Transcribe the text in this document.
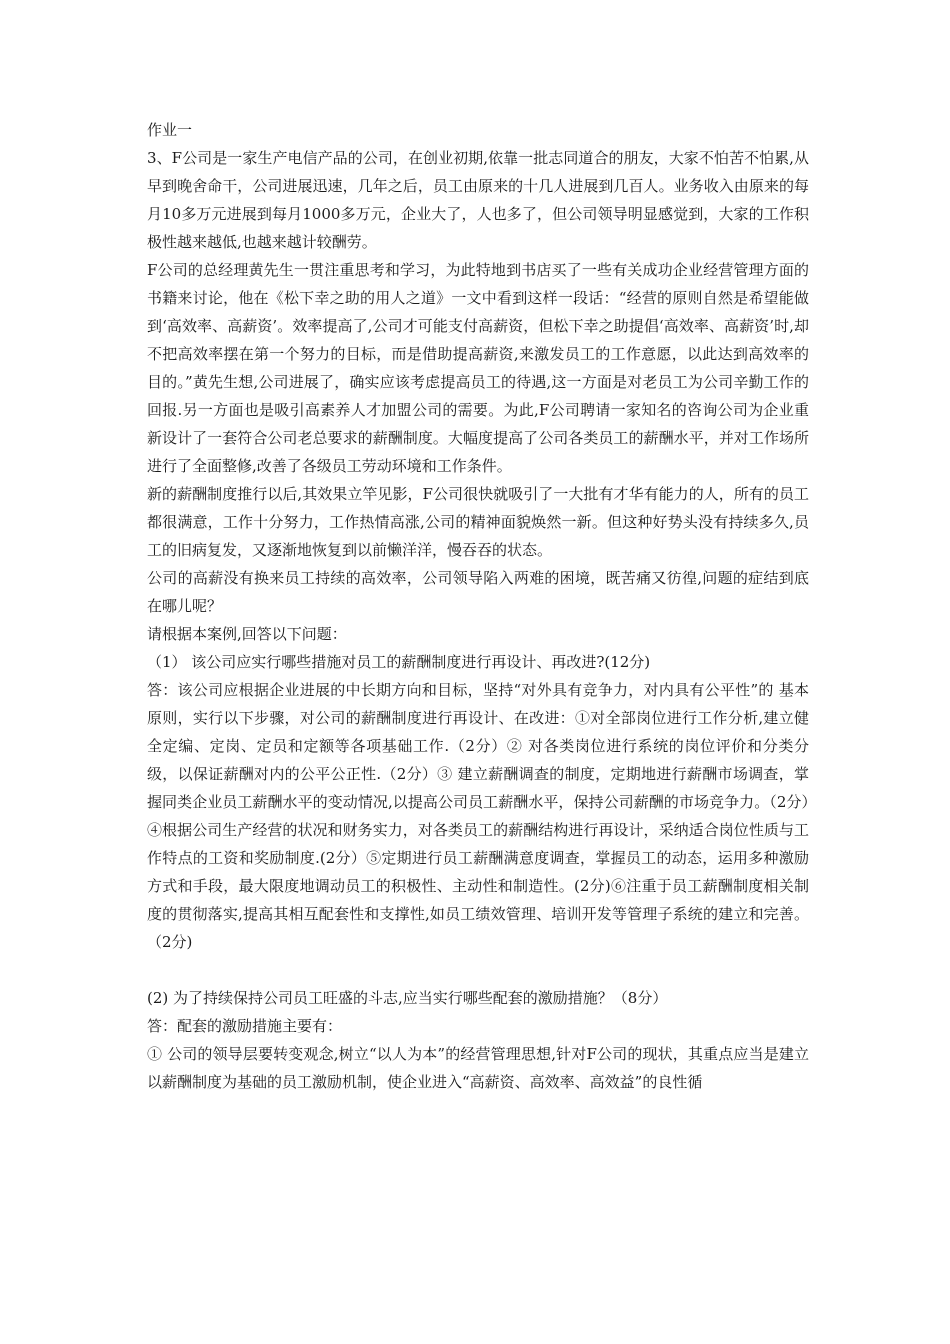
作业一

3、F公司是一家生产电信产品的公司，在创业初期,依靠一批志同道合的朋友，大家不怕苦不怕累,从早到晚舍命干，公司进展迅速，几年之后，员工由原来的十几人进展到几百人。业务收入由原来的每月10多万元进展到每月1000多万元，企业大了，人也多了，但公司领导明显感觉到，大家的工作积极性越来越低,也越来越计较酬劳。

F公司的总经理黄先生一贯注重思考和学习，为此特地到书店买了一些有关成功企业经营管理方面的书籍来讨论，他在《松下幸之助的用人之道》一文中看到这样一段话：“经营的原则自然是希望能做到‘高效率、高薪资’。效率提高了,公司才可能支付高薪资，但松下幸之助提倡‘高效率、高薪资’时,却不把高效率摆在第一个努力的目标，而是借助提高薪资,来激发员工的工作意愿，以此达到高效率的目的。”黄先生想,公司进展了，确实应该考虑提高员工的待遇,这一方面是对老员工为公司辛勤工作的回报.另一方面也是吸引高素养人才加盟公司的需要。为此,F公司聘请一家知名的咨询公司为企业重新设计了一套符合公司老总要求的薪酬制度。大幅度提高了公司各类员工的薪酬水平，并对工作场所进行了全面整修,改善了各级员工劳动环境和工作条件。

新的薪酬制度推行以后,其效果立竿见影，F公司很快就吸引了一大批有才华有能力的人，所有的员工都很满意，工作十分努力，工作热情高涨,公司的精神面貌焕然一新。但这种好势头没有持续多久,员工的旧病复发，又逐渐地恢复到以前懒洋洋，慢吞吞的状态。

公司的高薪没有换来员工持续的高效率，公司领导陷入两难的困境，既苦痛又彷徨,问题的症结到底在哪儿呢？

请根据本案例,回答以下问题：

（1） 该公司应实行哪些措施对员工的薪酬制度进行再设计、再改进?(12分)

答：该公司应根据企业进展的中长期方向和目标，坚持“对外具有竞争力，对内具有公平性”的 基本原则，实行以下步骤，对公司的薪酬制度进行再设计、在改进：①对全部岗位进行工作分析,建立健全定编、定岗、定员和定额等各项基础工作.（2分）② 对各类岗位进行系统的岗位评价和分类分级，以保证薪酬对内的公平公正性.（2分）③ 建立薪酬调查的制度，定期地进行薪酬市场调查，掌握同类企业员工薪酬水平的变动情况,以提高公司员工薪酬水平，保持公司薪酬的市场竞争力。（2分）④根据公司生产经营的状况和财务实力，对各类员工的薪酬结构进行再设计，采纳适合岗位性质与工作特点的工资和奖励制度.(2分）⑤定期进行员工薪酬满意度调查，掌握员工的动态，运用多种激励方式和手段，最大限度地调动员工的积极性、主动性和制造性。(2分)⑥注重于员工薪酬制度相关制度的贯彻落实,提高其相互配套性和支撑性,如员工绩效管理、培训开发等管理子系统的建立和完善。（2分)

(2) 为了持续保持公司员工旺盛的斗志,应当实行哪些配套的激励措施？（8分）

答：配套的激励措施主要有：

① 公司的领导层要转变观念,树立“以人为本”的经营管理思想,针对F公司的现状，其重点应当是建立以薪酬制度为基础的员工激励机制，使企业进入“高薪资、高效率、高效益”的良性循
